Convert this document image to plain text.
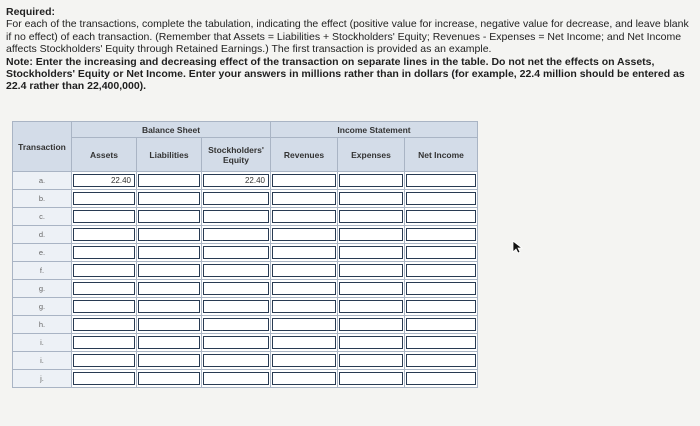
Required:

For each of the transactions, complete the tabulation, indicating the effect (positive value for increase, negative value for decrease, and leave blank if no effect) of each transaction. (Remember that Assets = Liabilities + Stockholders' Equity; Revenues - Expenses = Net Income; and Net Income affects Stockholders' Equity through Retained Earnings.) The first transaction is provided as an example.

Note: Enter the increasing and decreasing effect of the transaction on separate lines in the table. Do not net the effects on Assets, Stockholders' Equity or Net Income. Enter your answers in millions rather than in dollars (for example, 22.4 million should be entered as 22.4 rather than 22,400,000).

Transaction	Balance Sheet			Income Statement		
	Assets	Liabilities	Stockholders' Equity	Revenues	Expenses	Net Income
a.	22.40		22.40			

b.	

c.	

d.	

e.	

f.	

g.	

g.	

h.	

i.	

i.	

j.	
